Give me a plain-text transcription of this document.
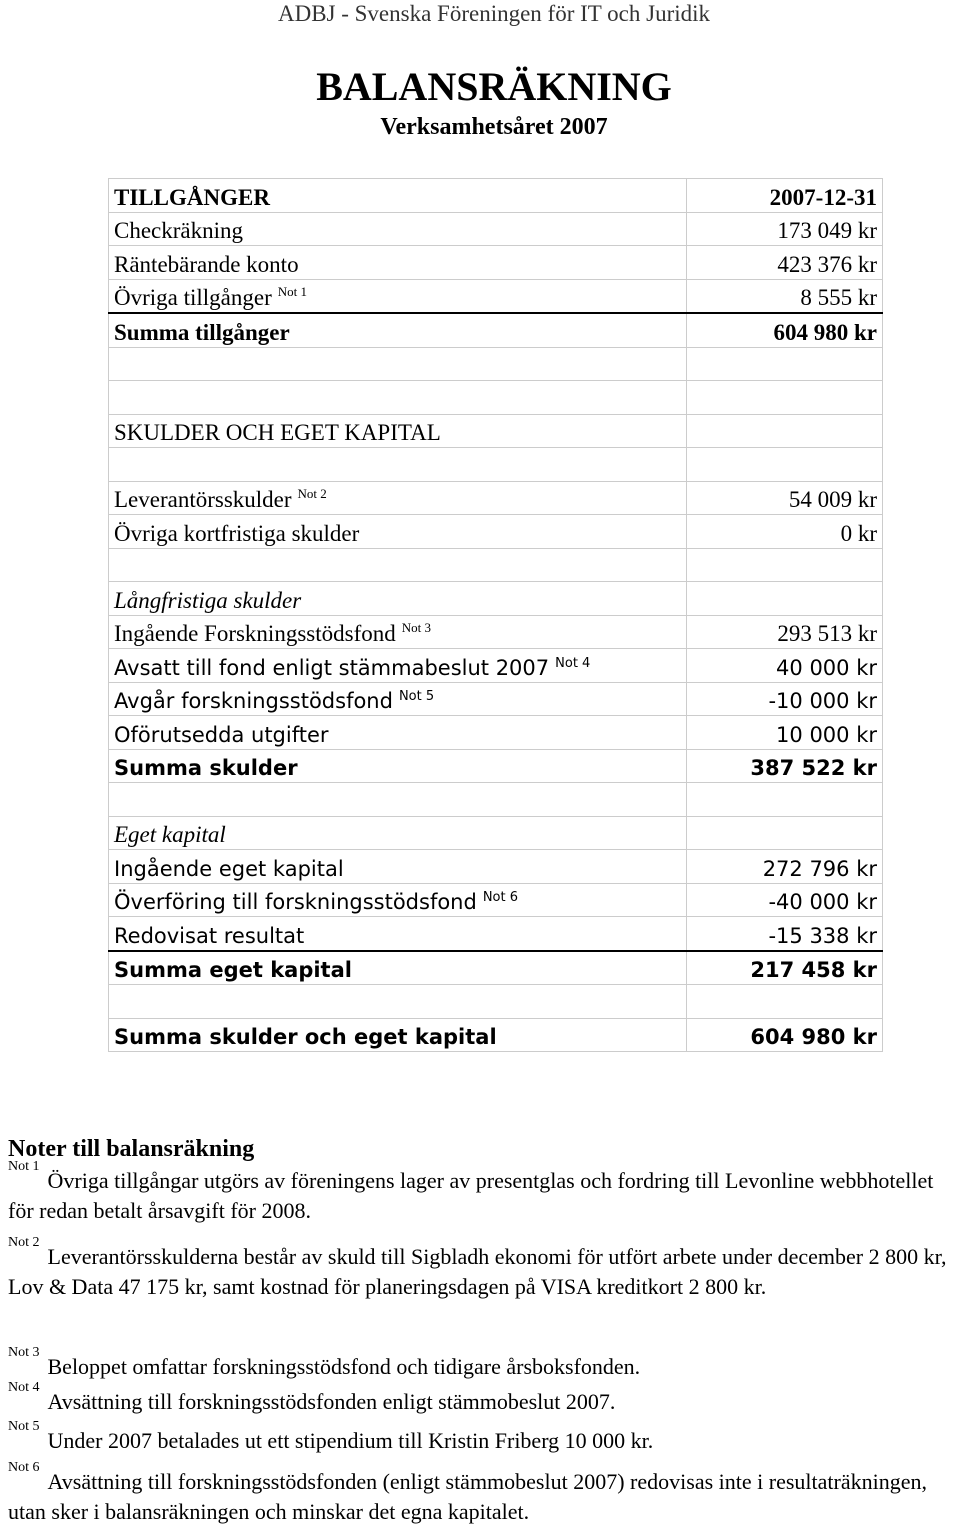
ADBJ - Svenska Föreningen för IT och Juridik
BALANSRÄKNING
Verksamhetsåret 2007
TILLGÅNGER	2007-12-31
Checkräkning	173 049 kr
Räntebärande konto	423 376 kr
Övriga tillgånger $^{Not 1}$	8 555 kr
Summa tillgånger	604 980 kr

SKULDER OCH EGET KAPITAL	

Leverantörsskulder $^{Not 2}$	54 009 kr
Övriga kortfristiga skulder	0 kr

Långfristiga skulder	
Ingående Forskningsstödsfond $^{Not 3}$	293 513 kr
Avsatt till fond enligt stämmabeslut 2007 $^{Not 4}$	40 000 kr
Avgår forskningsstödsfond $^{Not 5}$	-10 000 kr
Oförutsedda utgifter	10 000 kr
Summa skulder	387 522 kr

Eget kapital	
Ingående eget kapital	272 796 kr
Överföring till forskningsstödsfond $^{Not 6}$	-40 000 kr
Redovisat resultat	-15 338 kr
Summa eget kapital	217 458 kr

Summa skulder och eget kapital	604 980 kr
Noter till balansräkning
$^{Not 1}$Övriga tillgångar utgörs av föreningens lager av presentglas och fordring till Levonline webbhotellet för redan betalt årsavgift för 2008.
$^{Not 2}$Leverantörsskulderna består av skuld till Sigbladh ekonomi för utfört arbete under december 2 800 kr, Lov & Data 47 175 kr, samt kostnad för planeringsdagen på VISA kreditkort 2 800 kr.
$^{Not 3}$Beloppet omfattar forskningsstödsfond och tidigare årsboksfonden.
$^{Not 4}$Avsättning till forskningsstödsfonden enligt stämmobeslut 2007.
$^{Not 5}$Under 2007 betalades ut ett stipendium till Kristin Friberg 10 000 kr.
$^{Not 6}$Avsättning till forskningsstödsfonden (enligt stämmobeslut 2007) redovisas inte i resultaträkningen, utan sker i balansräkningen och minskar det egna kapitalet.
